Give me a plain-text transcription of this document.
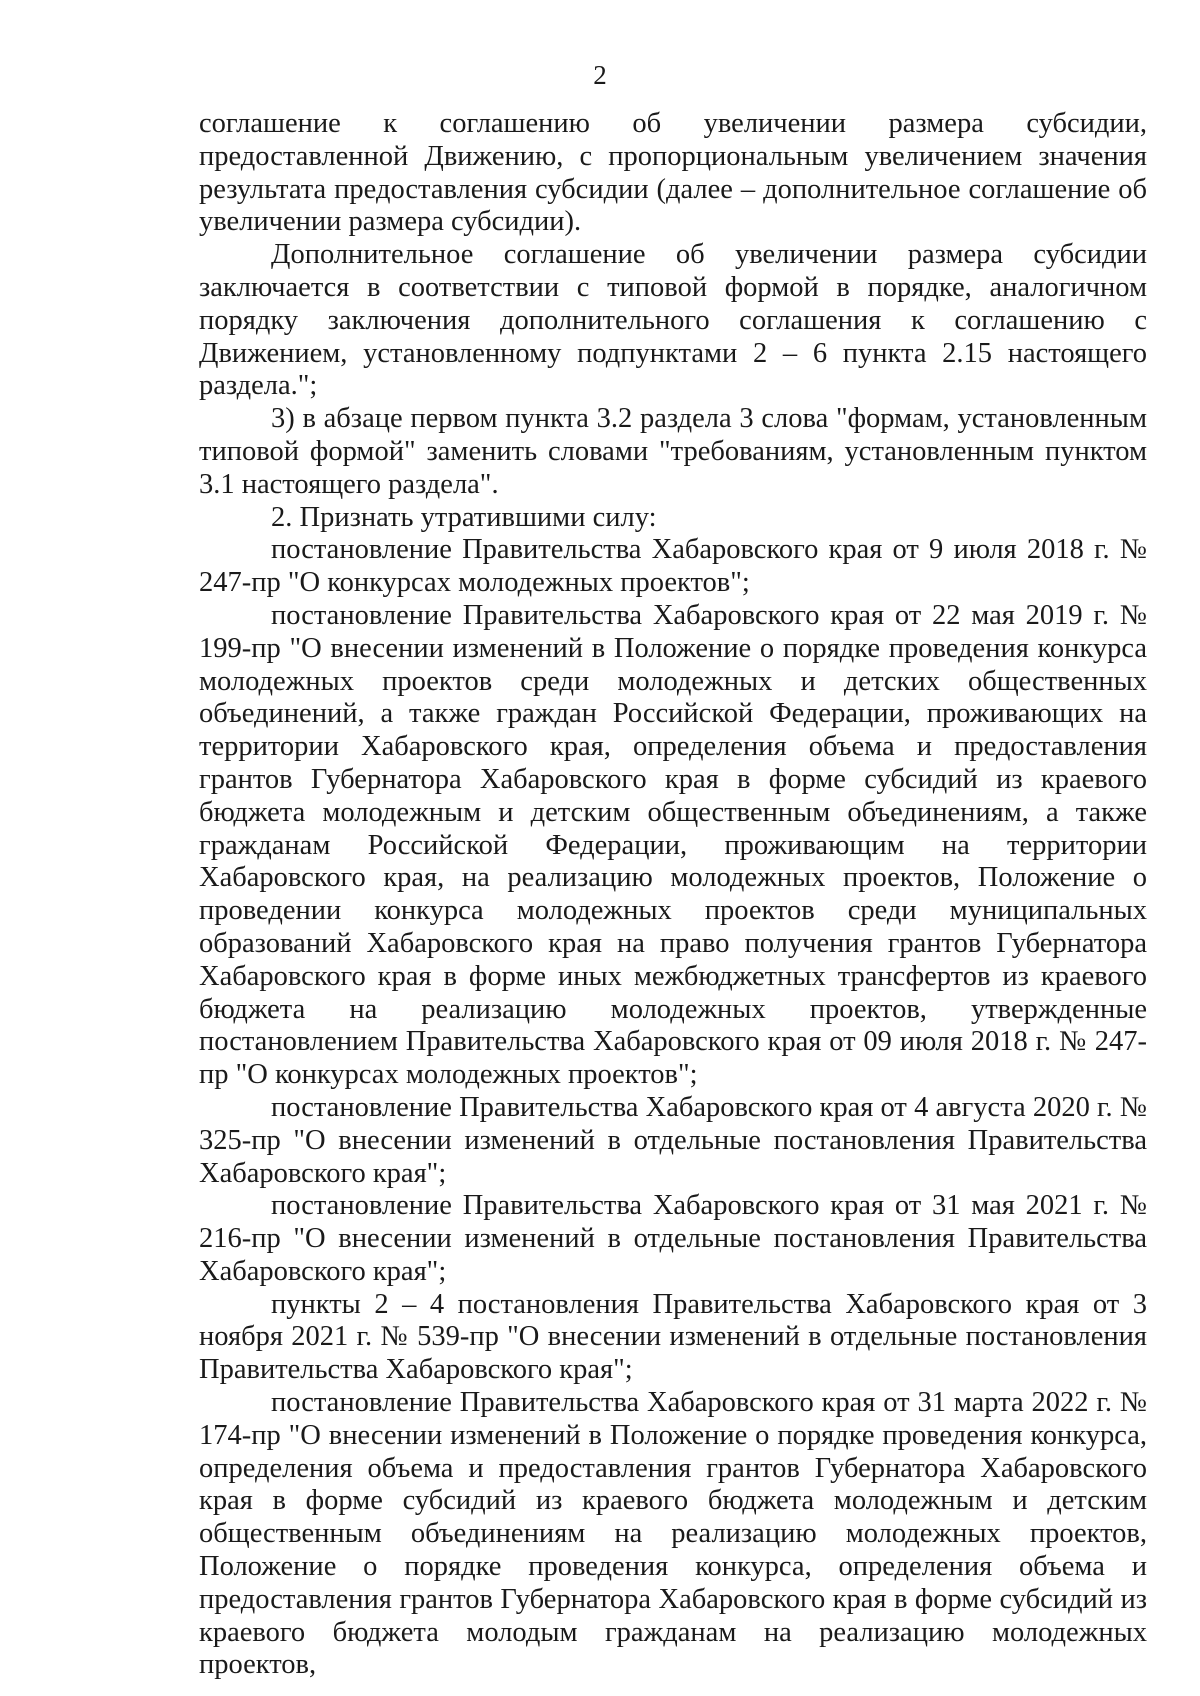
2

соглашение к соглашению об увеличении размера субсидии, предоставленной Движению, с пропорциональным увеличением значения результата предоставления субсидии (далее – дополнительное соглашение об увеличении размера субсидии).

Дополнительное соглашение об увеличении размера субсидии заключается в соответствии с типовой формой в порядке, аналогичном порядку заключения дополнительного соглашения к соглашению с Движением, установленному подпунктами 2 – 6 пункта 2.15 настоящего раздела.";

3) в абзаце первом пункта 3.2 раздела 3 слова "формам, установленным типовой формой" заменить словами "требованиям, установленным пунктом 3.1 настоящего раздела".

2. Признать утратившими силу:

постановление Правительства Хабаровского края от 9 июля 2018 г. № 247-пр "О конкурсах молодежных проектов";

постановление Правительства Хабаровского края от 22 мая 2019 г. № 199-пр "О внесении изменений в Положение о порядке проведения конкурса молодежных проектов среди молодежных и детских общественных объединений, а также граждан Российской Федерации, проживающих на территории Хабаровского края, определения объема и предоставления грантов Губернатора Хабаровского края в форме субсидий из краевого бюджета молодежным и детским общественным объединениям, а также гражданам Российской Федерации, проживающим на территории Хабаровского края, на реализацию молодежных проектов, Положение о проведении конкурса молодежных проектов среди муниципальных образований Хабаровского края на право получения грантов Губернатора Хабаровского края в форме иных межбюджетных трансфертов из краевого бюджета на реализацию молодежных проектов, утвержденные постановлением Правительства Хабаровского края от 09 июля 2018 г. № 247-пр "О конкурсах молодежных проектов";

постановление Правительства Хабаровского края от 4 августа 2020 г. № 325-пр "О внесении изменений в отдельные постановления Правительства Хабаровского края";

постановление Правительства Хабаровского края от 31 мая 2021 г. № 216-пр "О внесении изменений в отдельные постановления Правительства Хабаровского края";

пункты 2 – 4 постановления Правительства Хабаровского края от 3 ноября 2021 г. № 539-пр "О внесении изменений в отдельные постановления Правительства Хабаровского края";

постановление Правительства Хабаровского края от 31 марта 2022 г. № 174-пр "О внесении изменений в Положение о порядке проведения конкурса, определения объема и предоставления грантов Губернатора Хабаровского края в форме субсидий из краевого бюджета молодежным и детским общественным объединениям на реализацию молодежных проектов, Положение о порядке проведения конкурса, определения объема и предоставления грантов Губернатора Хабаровского края в форме субсидий из краевого бюджета молодым гражданам на реализацию молодежных проектов,
